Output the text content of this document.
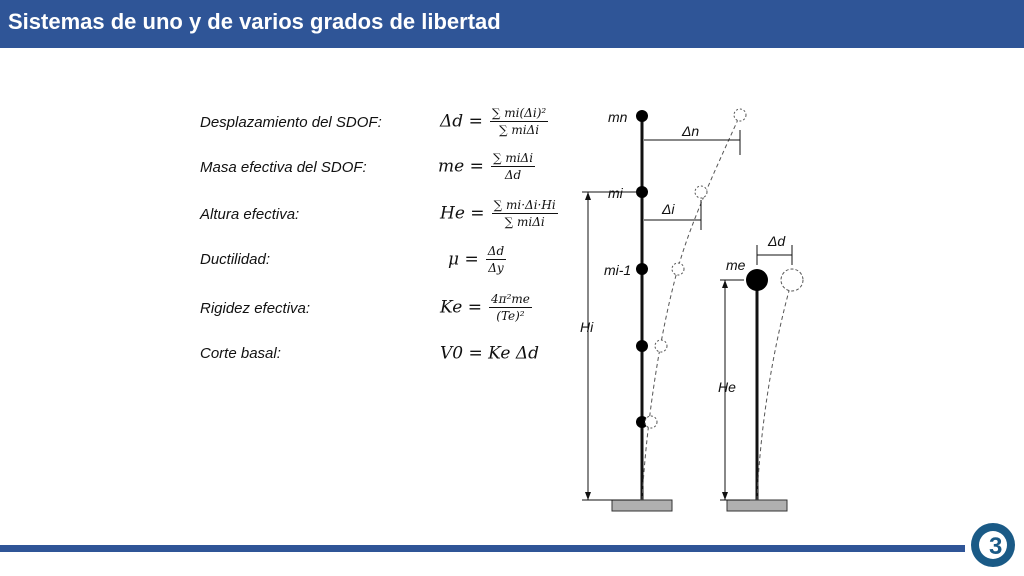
Sistemas de uno y de varios grados de libertad
Desplazamiento del SDOF:
Masa efectiva del SDOF:
Altura efectiva:
Ductilidad:
Rigidez efectiva:
Corte basal:
$\Delta d = \frac{\text{∑ mi(Δi)²}}{\text{∑ miΔi}}$
me = $\frac{\text{∑ miΔi}}{\Delta d}$
$He = \frac{\sum mi\cdot\Delta i\cdot Hi}{\text{∑ miΔi}}$
$\mu = \frac{\Delta d}{\Delta y}$
$Ke = \frac{\text{4π²me}}{\text{(Te)²}}$
V0 = Ke Δd
mn
Δn
mi
Δi
mi-1
Hi
me
Δd
He
3
